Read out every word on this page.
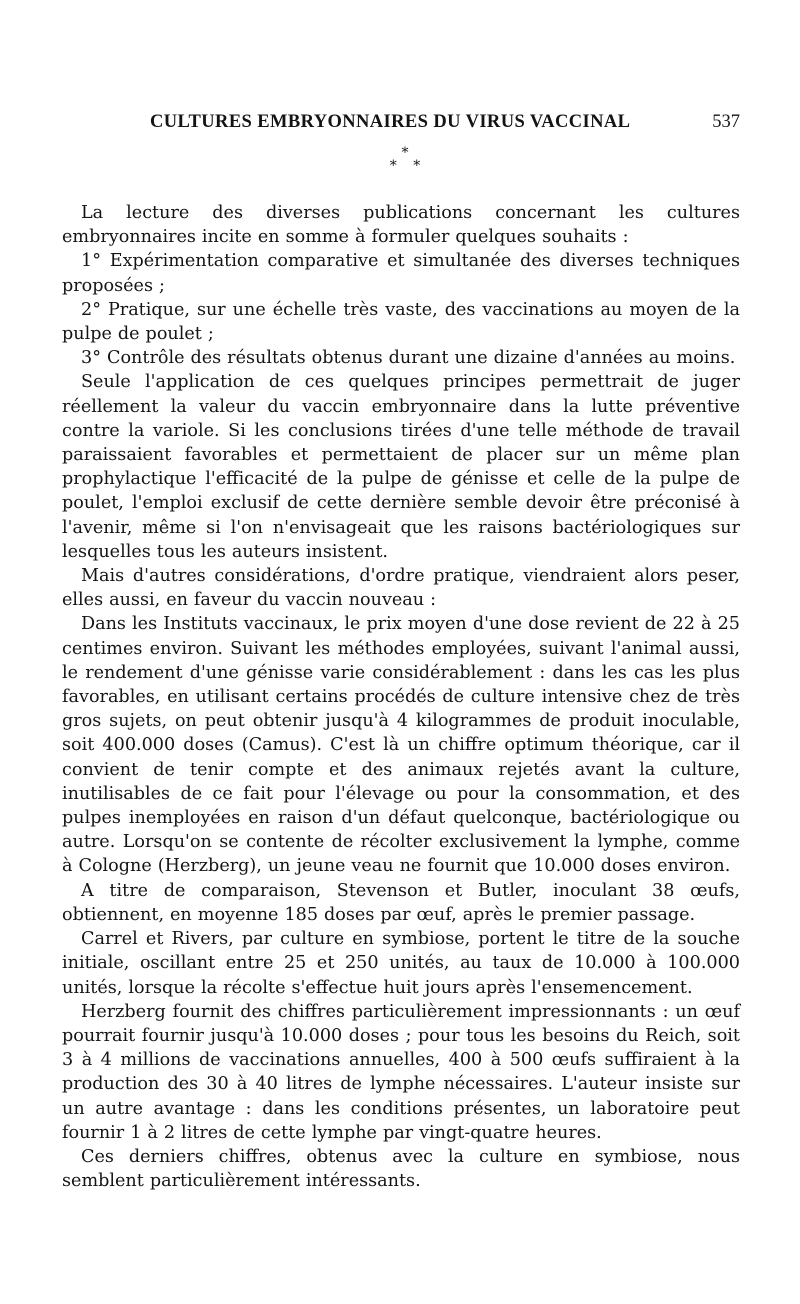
CULTURES EMBRYONNAIRES DU VIRUS VACCINAL	537
*
* *

La lecture des diverses publications concernant les cultures embryonnaires incite en somme à formuler quelques souhaits :

1° Expérimentation comparative et simultanée des diverses techniques proposées ;

2° Pratique, sur une échelle très vaste, des vaccinations au moyen de la pulpe de poulet ;

3° Contrôle des résultats obtenus durant une dizaine d'années au moins.

Seule l'application de ces quelques principes permettrait de juger réellement la valeur du vaccin embryonnaire dans la lutte préventive contre la variole. Si les conclusions tirées d'une telle méthode de travail paraissaient favorables et permettaient de placer sur un même plan prophylactique l'efficacité de la pulpe de génisse et celle de la pulpe de poulet, l'emploi exclusif de cette dernière semble devoir être préconisé à l'avenir, même si l'on n'envisageait que les raisons bactériologiques sur lesquelles tous les auteurs insistent.

Mais d'autres considérations, d'ordre pratique, viendraient alors peser, elles aussi, en faveur du vaccin nouveau :

Dans les Instituts vaccinaux, le prix moyen d'une dose revient de 22 à 25 centimes environ. Suivant les méthodes employées, suivant l'animal aussi, le rendement d'une génisse varie considérablement : dans les cas les plus favorables, en utilisant certains procédés de culture intensive chez de très gros sujets, on peut obtenir jusqu'à 4 kilogrammes de produit inoculable, soit 400.000 doses (Camus). C'est là un chiffre optimum théorique, car il convient de tenir compte et des animaux rejetés avant la culture, inutilisables de ce fait pour l'élevage ou pour la consommation, et des pulpes inemployées en raison d'un défaut quelconque, bactériologique ou autre. Lorsqu'on se contente de récolter exclusivement la lymphe, comme à Cologne (Herzberg), un jeune veau ne fournit que 10.000 doses environ.

A titre de comparaison, Stevenson et Butler, inoculant 38 œufs, obtiennent, en moyenne 185 doses par œuf, après le premier passage.

Carrel et Rivers, par culture en symbiose, portent le titre de la souche initiale, oscillant entre 25 et 250 unités, au taux de 10.000 à 100.000 unités, lorsque la récolte s'effectue huit jours après l'ensemencement.

Herzberg fournit des chiffres particulièrement impressionnants : un œuf pourrait fournir jusqu'à 10.000 doses ; pour tous les besoins du Reich, soit 3 à 4 millions de vaccinations annuelles, 400 à 500 œufs suffiraient à la production des 30 à 40 litres de lymphe nécessaires. L'auteur insiste sur un autre avantage : dans les conditions présentes, un laboratoire peut fournir 1 à 2 litres de cette lymphe par vingt-quatre heures.

Ces derniers chiffres, obtenus avec la culture en symbiose, nous semblent particulièrement intéressants.
